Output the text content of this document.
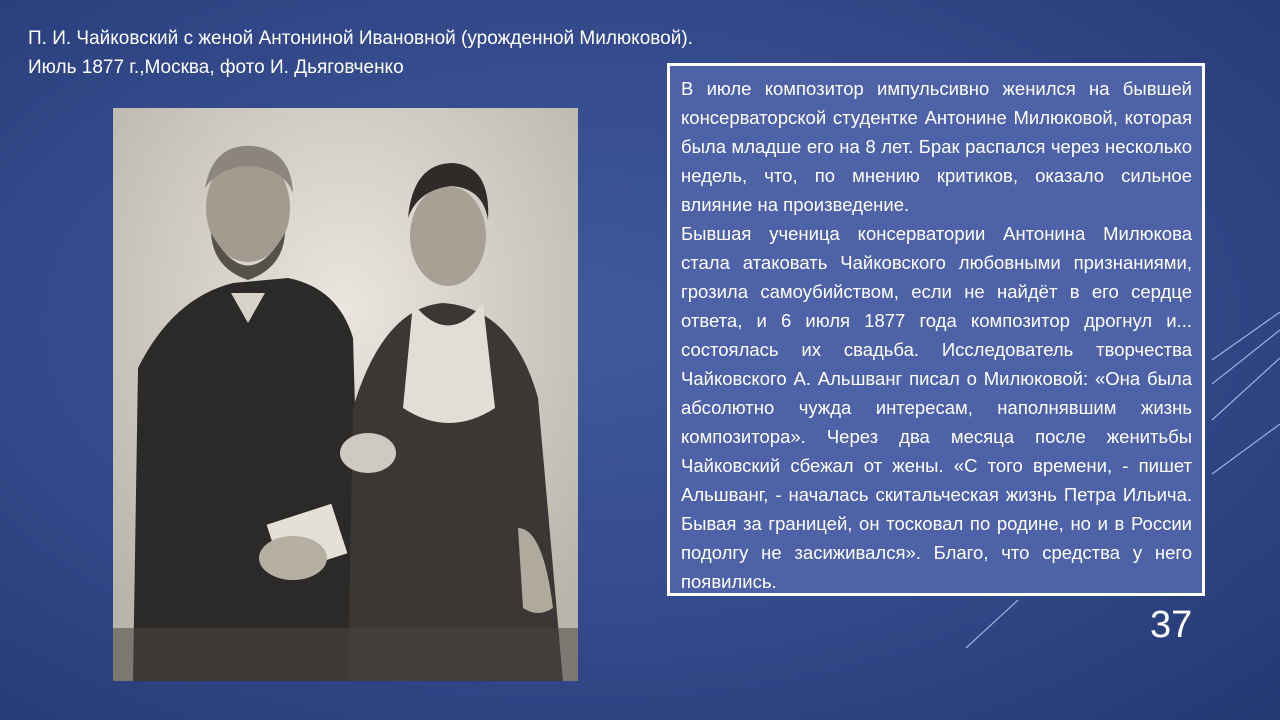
П. И. Чайковский с женой Антониной Ивановной (урожденной Милюковой).
Июль 1877 г.,Москва, фото И. Дьяговченко

В июле композитор импульсивно женился на бывшей консерваторской студентке Антонине Милюковой, которая была младше его на 8 лет. Брак распался через несколько недель, что, по мнению критиков, оказало сильное влияние на произведение.

Бывшая ученица консерватории Антонина Милюкова стала атаковать Чайковского любовными признаниями, грозила самоубийством, если не найдёт в его сердце ответа, и 6 июля 1877 года композитор дрогнул и... состоялась их свадьба. Исследователь творчества Чайковского А. Альшванг писал о Милюковой: «Она была абсолютно чужда интересам, наполнявшим жизнь композитора». Через два месяца после женитьбы Чайковский сбежал от жены. «С того времени, - пишет Альшванг, - началась скитальческая жизнь Петра Ильича. Бывая за границей, он тосковал по родине, но и в России подолгу не засиживался». Благо, что средства у него появились.

37
